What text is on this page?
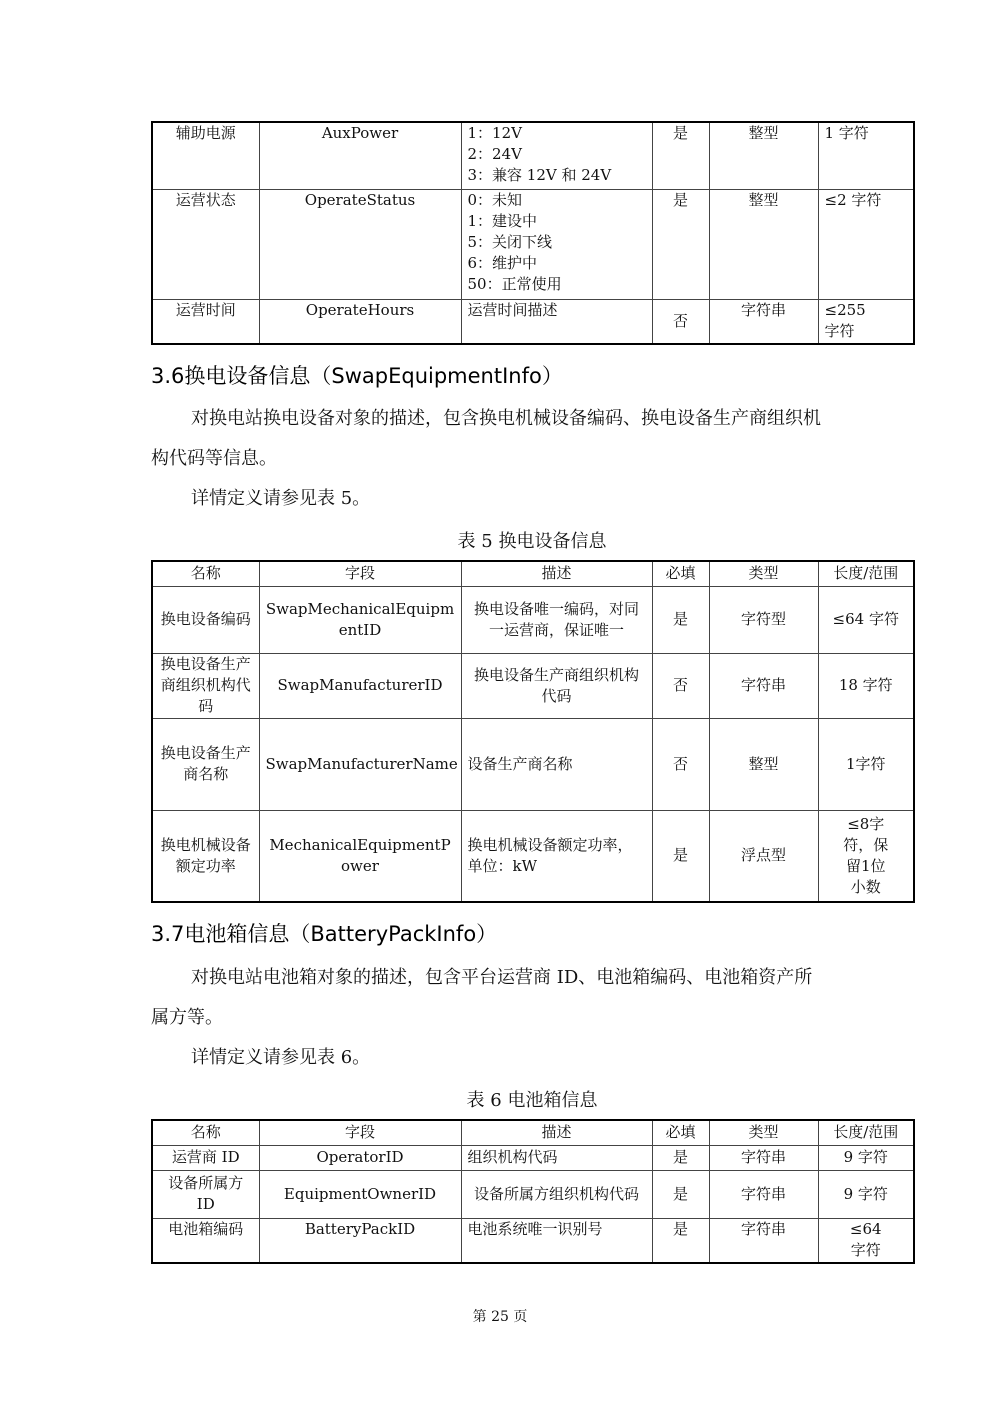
辅助电源	AuxPower	1：12V
2：24V
3：兼容 12V 和 24V	是	整型	1 字符
运营状态	OperateStatus	0：未知
1：建设中
5：关闭下线
6：维护中
50：正常使用	是	整型	≤2 字符
运营时间	OperateHours	运营时间描述	否	字符串	≤255 字符
3.6换电设备信息（SwapEquipmentInfo）
对换电站换电设备对象的描述，包含换电机械设备编码、换电设备生产商组织机
构代码等信息。
详情定义请参见表 5。
表 5 换电设备信息
名称	字段	描述	必填	类型	长度/范围
换电设备编码	SwapMechanicalEquipmentID	换电设备唯一编码，对同一运营商，保证唯一	是	字符型	≤64 字符
换电设备生产商组织机构代码	SwapManufacturerID	换电设备生产商组织机构代码	否	字符串	18 字符
换电设备生产商名称	SwapManufacturerName	设备生产商名称	否	整型	1字符
换电机械设备额定功率	MechanicalEquipmentPower	换电机械设备额定功率，单位：kW	是	浮点型	≤8字符，保留1位小数
3.7电池箱信息（BatteryPackInfo）
对换电站电池箱对象的描述，包含平台运营商 ID、电池箱编码、电池箱资产所
属方等。
详情定义请参见表 6。
表 6 电池箱信息
名称	字段	描述	必填	类型	长度/范围
运营商 ID	OperatorID	组织机构代码	是	字符串	9 字符
设备所属方 ID	EquipmentOwnerID	设备所属方组织机构代码	是	字符串	9 字符
电池箱编码	BatteryPackID	电池系统唯一识别号	是	字符串	≤64 字符
第 25 页
